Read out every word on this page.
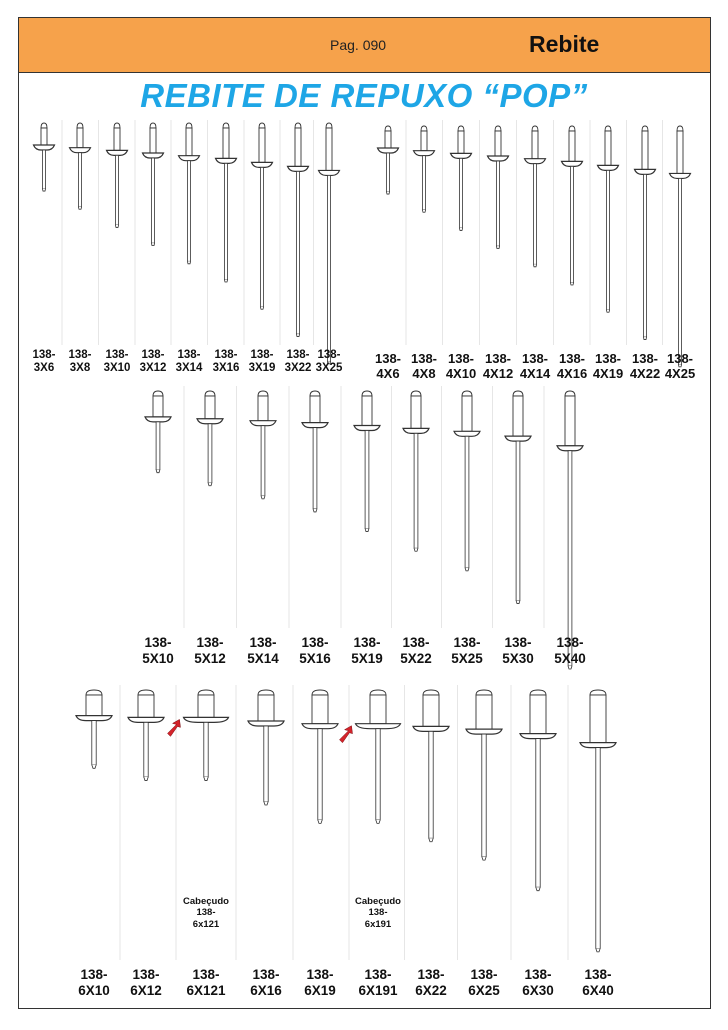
Pag. 090	Rebite
REBITE DE REPUXO “POP”
138-
3X6
138-
3X8
138-
3X10
138-
3X12
138-
3X14
138-
3X16
138-
3X19
138-
3X22
138-
3X25
138-
4X6
138-
4X8
138-
4X10
138-
4X12
138-
4X14
138-
4X16
138-
4X19
138-
4X22
138-
4X25
138-
5X10
138-
5X12
138-
5X14
138-
5X16
138-
5X19
138-
5X22
138-
5X25
138-
5X30
138-
5X40
138-
6X10
138-
6X12
138-
6X121
Cabeçudo
138-
6x121
138-
6X16
138-
6X19
138-
6X191
Cabeçudo
138-
6x191
138-
6X22
138-
6X25
138-
6X30
138-
6X40
